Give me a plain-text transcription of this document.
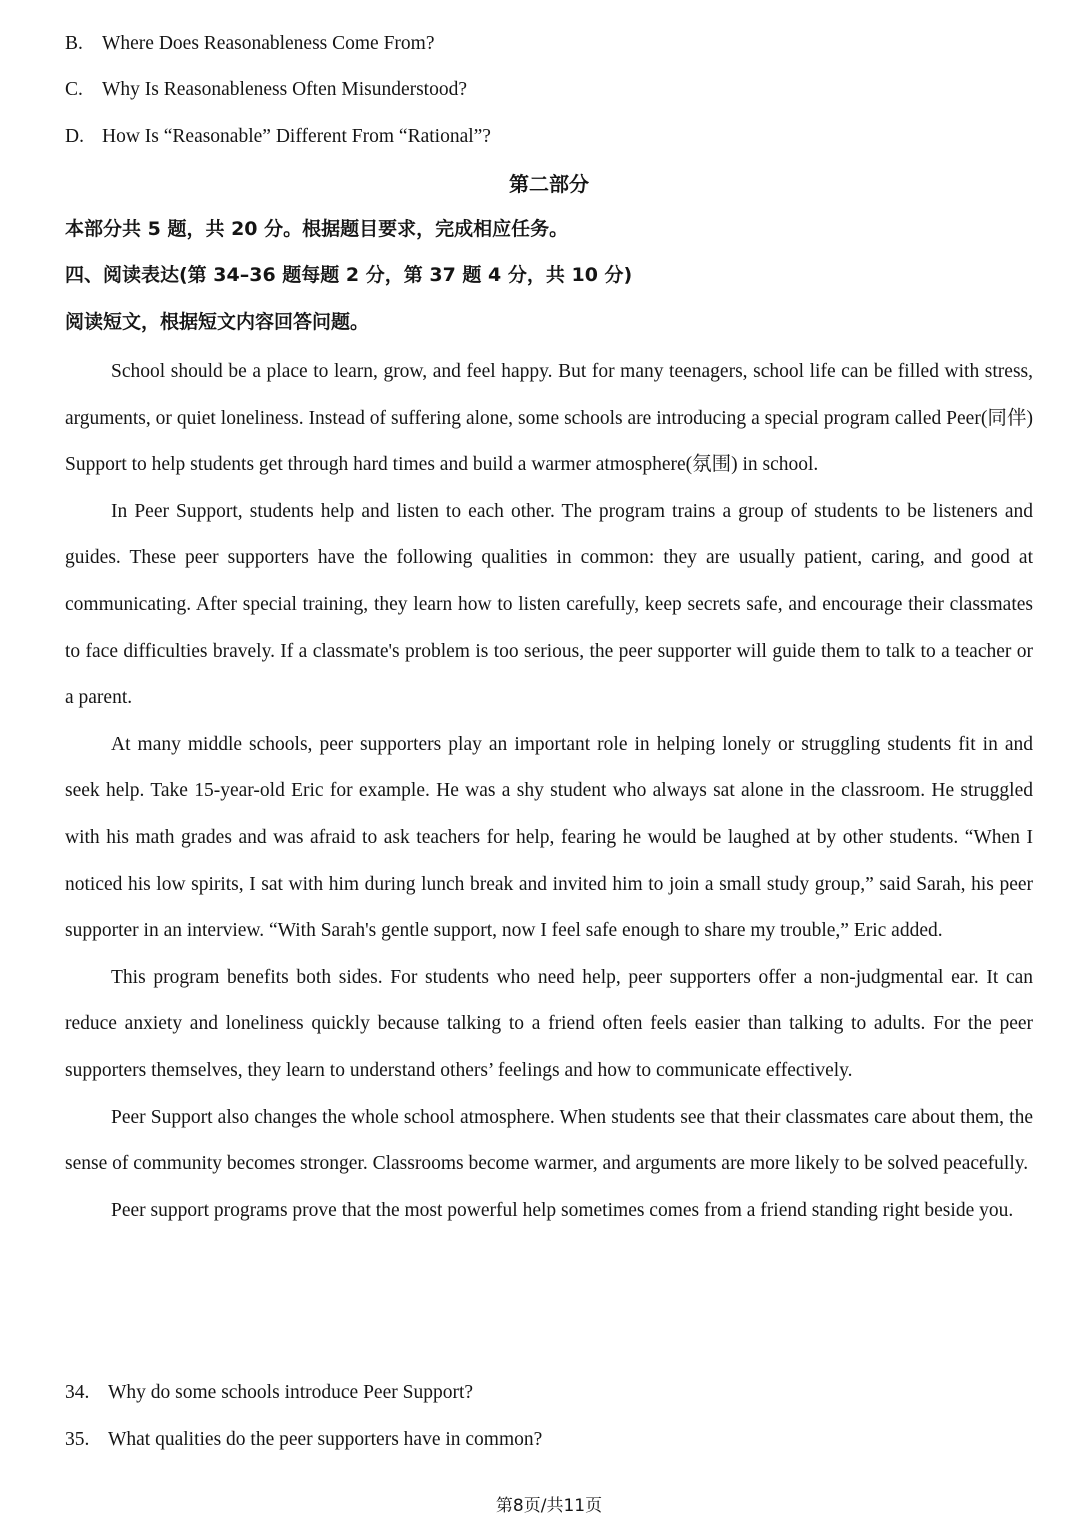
B. Where Does Reasonableness Come From?
C. Why Is Reasonableness Often Misunderstood?
D. How Is “Reasonable” Different From “Rational”?
第二部分
本部分共 5 题，共 20 分。根据题目要求，完成相应任务。
四、阅读表达(第 34–36 题每题 2 分，第 37 题 4 分，共 10 分)
阅读短文，根据短文内容回答问题。

School should be a place to learn, grow, and feel happy. But for many teenagers, school life can be filled with stress, arguments, or quiet loneliness. Instead of suffering alone, some schools are introducing a special program called Peer(同伴) Support to help students get through hard times and build a warmer atmosphere(氛围) in school.

In Peer Support, students help and listen to each other. The program trains a group of students to be listeners and guides. These peer supporters have the following qualities in common: they are usually patient, caring, and good at communicating. After special training, they learn how to listen carefully, keep secrets safe, and encourage their classmates to face difficulties bravely. If a classmate's problem is too serious, the peer supporter will guide them to talk to a teacher or a parent.

At many middle schools, peer supporters play an important role in helping lonely or struggling students fit in and seek help. Take 15-year-old Eric for example. He was a shy student who always sat alone in the classroom. He struggled with his math grades and was afraid to ask teachers for help, fearing he would be laughed at by other students. “When I noticed his low spirits, I sat with him during lunch break and invited him to join a small study group,” said Sarah, his peer supporter in an interview. “With Sarah's gentle support, now I feel safe enough to share my trouble,” Eric added.

This program benefits both sides. For students who need help, peer supporters offer a non-judgmental ear. It can reduce anxiety and loneliness quickly because talking to a friend often feels easier than talking to adults. For the peer supporters themselves, they learn to understand others’ feelings and how to communicate effectively.

Peer Support also changes the whole school atmosphere. When students see that their classmates care about them, the sense of community becomes stronger. Classrooms become warmer, and arguments are more likely to be solved peacefully.

Peer support programs prove that the most powerful help sometimes comes from a friend standing right beside you.

34. Why do some schools introduce Peer Support?
35. What qualities do the peer supporters have in common?
第8页/共11页
